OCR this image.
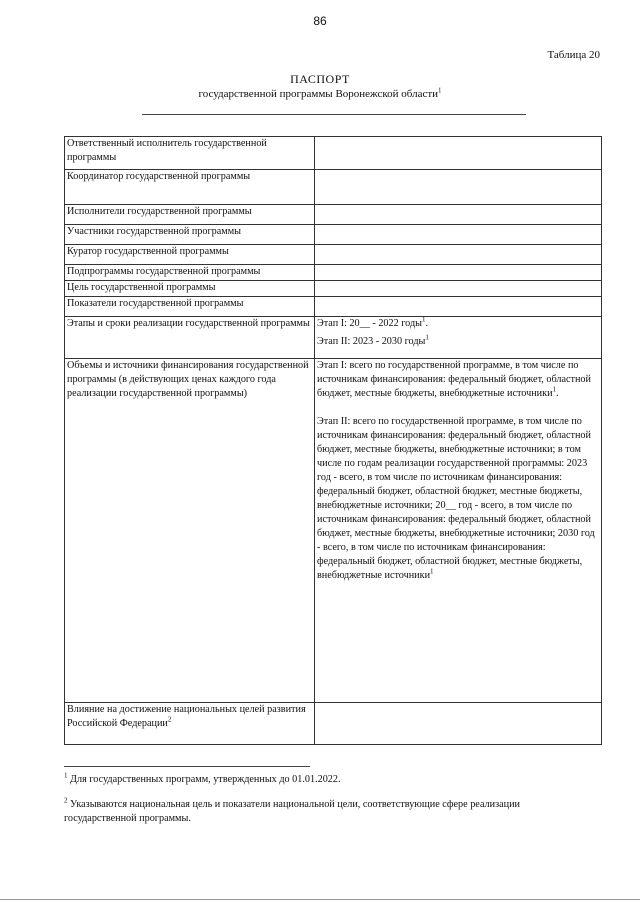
86
Таблица 20
ПАСПОРТ
государственной программы Воронежской области$^1$
Ответственный исполнитель государственной программы	

Координатор государственной программы	

Исполнители государственной программы	

Участники государственной программы	

Куратор государственной программы	

Подпрограммы государственной программы	

Цель государственной программы	

Показатели государственной программы	

Этапы и сроки реализации государственной программы	Этап I: 20__ - 2022 годы$^1$.
Этап II: 2023 - 2030 годы$^1$

Объемы и источники финансирования государственной программы (в действующих ценах каждого года реализации государственной программы)	Этап I: всего по государственной программе, в том числе по источникам финансирования: федеральный бюджет, областной бюджет, местные бюджеты, внебюджетные источники$^1$.
Этап II: всего по государственной программе, в том числе по источникам финансирования: федеральный бюджет, областной бюджет, местные бюджеты, внебюджетные источники; в том числе по годам реализации государственной программы: 2023 год - всего, в том числе по источникам финансирования: федеральный бюджет, областной бюджет, местные бюджеты, внебюджетные источники; 20__ год - всего, в том числе по источникам финансирования: федеральный бюджет, областной бюджет, местные бюджеты, внебюджетные источники; 2030 год - всего, в том числе по источникам финансирования: федеральный бюджет, областной бюджет, местные бюджеты, внебюджетные источники$^1$

Влияние на достижение национальных целей развития Российской Федерации$^2$

$^1$ Для государственных программ, утвержденных до 01.01.2022.
$^2$ Указываются национальная цель и показатели национальной цели, соответствующие сфере реализации государственной программы.
